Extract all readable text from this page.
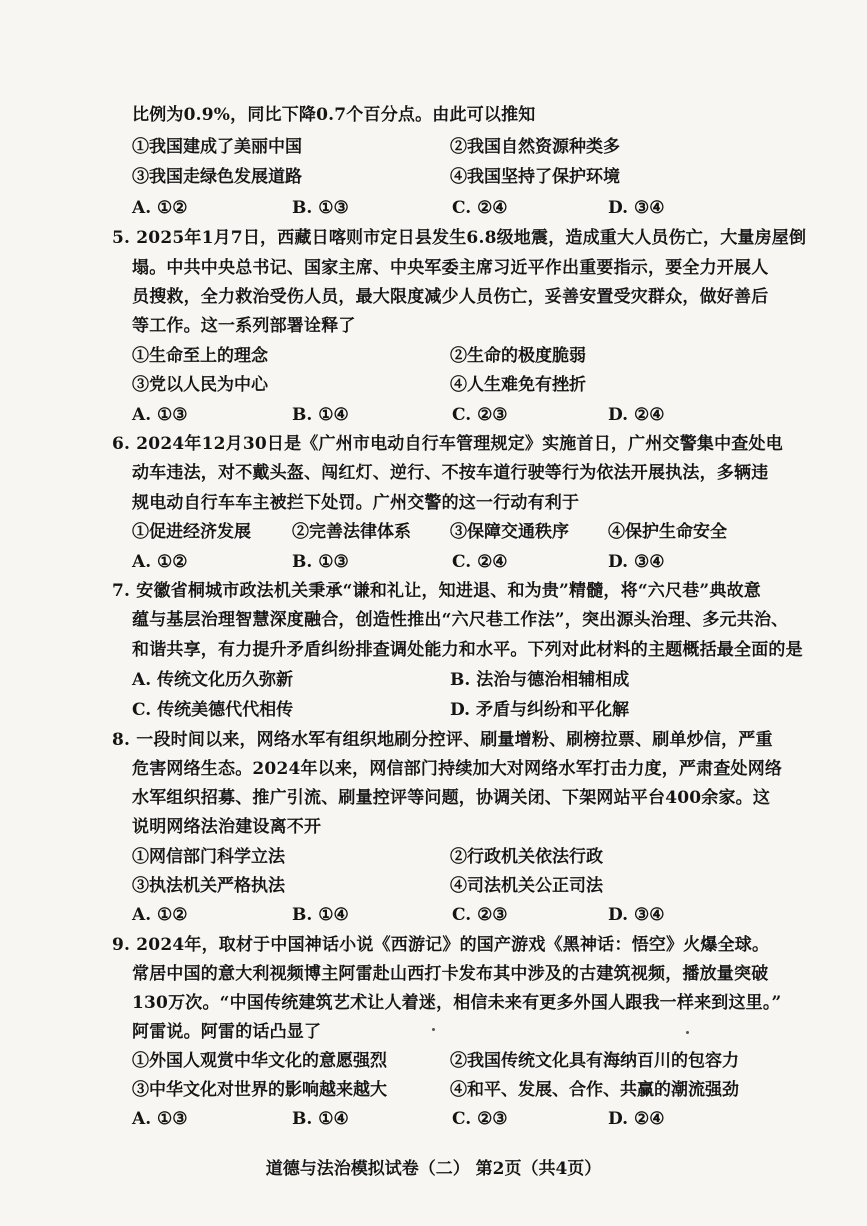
比例为0.9%，同比下降0.7个百分点。由此可以推知
①我国建成了美丽中国	②我国自然资源种类多
③我国走绿色发展道路	④我国坚持了保护环境
A. ①②	B. ①③	C. ②④	D. ③④
5. 2025年1月7日，西藏日喀则市定日县发生6.8级地震，造成重大人员伤亡，大量房屋倒
塌。中共中央总书记、国家主席、中央军委主席习近平作出重要指示，要全力开展人
员搜救，全力救治受伤人员，最大限度减少人员伤亡，妥善安置受灾群众，做好善后
等工作。这一系列部署诠释了
①生命至上的理念	②生命的极度脆弱
③党以人民为中心	④人生难免有挫折
A. ①③	B. ①④	C. ②③	D. ②④
6. 2024年12月30日是《广州市电动自行车管理规定》实施首日，广州交警集中查处电
动车违法，对不戴头盔、闯红灯、逆行、不按车道行驶等行为依法开展执法，多辆违
规电动自行车车主被拦下处罚。广州交警的这一行动有利于
①促进经济发展 ②完善法律体系 ③保障交通秩序 ④保护生命安全
A. ①②	B. ①③	C. ②④	D. ③④
7. 安徽省桐城市政法机关秉承“谦和礼让，知进退、和为贵”精髓，将“六尺巷”典故意
蕴与基层治理智慧深度融合，创造性推出“六尺巷工作法”，突出源头治理、多元共治、
和谐共享，有力提升矛盾纠纷排查调处能力和水平。下列对此材料的主题概括最全面的是
A. 传统文化历久弥新	B. 法治与德治相辅相成
C. 传统美德代代相传	D. 矛盾与纠纷和平化解
8. 一段时间以来，网络水军有组织地刷分控评、刷量增粉、刷榜拉票、刷单炒信，严重
危害网络生态。2024年以来，网信部门持续加大对网络水军打击力度，严肃查处网络
水军组织招募、推广引流、刷量控评等问题，协调关闭、下架网站平台400余家。这
说明网络法治建设离不开
①网信部门科学立法	②行政机关依法行政
③执法机关严格执法	④司法机关公正司法
A. ①②	B. ①④	C. ②③	D. ③④
9. 2024年，取材于中国神话小说《西游记》的国产游戏《黑神话：悟空》火爆全球。
常居中国的意大利视频博主阿雷赴山西打卡发布其中涉及的古建筑视频，播放量突破
130万次。“中国传统建筑艺术让人着迷，相信未来有更多外国人跟我一样来到这里。”
阿雷说。阿雷的话凸显了
①外国人观赏中华文化的意愿强烈	②我国传统文化具有海纳百川的包容力
③中华文化对世界的影响越来越大	④和平、发展、合作、共赢的潮流强劲
A. ①③	B. ①④	C. ②③	D. ②④
道德与法治模拟试卷（二） 第2页（共4页）
